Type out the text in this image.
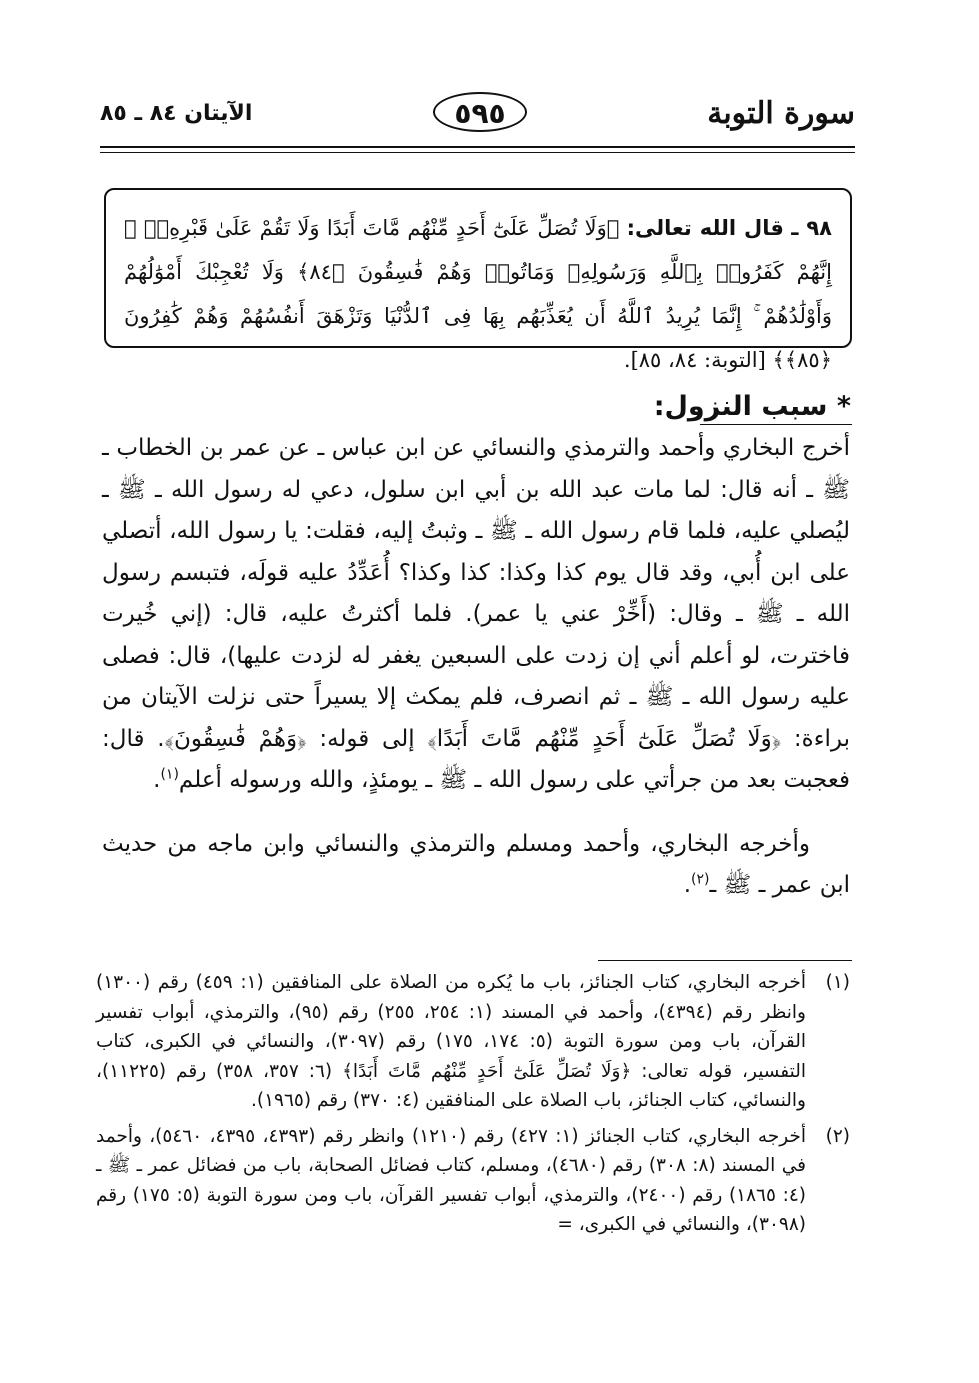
سورة التوبة
٥٩٥
الآيتان ٨٤ ـ ٨٥
٩٨ ـ قال الله تعالى: ﴿وَلَا تُصَلِّ عَلَىٰٓ أَحَدٍ مِّنْهُم مَّاتَ أَبَدًا وَلَا تَقُمْ عَلَىٰ قَبْرِهِۦٓ ۖ إِنَّهُمْ كَفَرُوا۟ بِٱللَّهِ وَرَسُولِهِۦ وَمَاتُوا۟ وَهُمْ فَٰسِقُونَ ﴿٨٤﴾ وَلَا تُعْجِبْكَ أَمْوَٰلُهُمْ وَأَوْلَٰدُهُمْ ۚ إِنَّمَا يُرِيدُ ٱللَّهُ أَن يُعَذِّبَهُم بِهَا فِى ٱلدُّنْيَا وَتَزْهَقَ أَنفُسُهُمْ وَهُمْ كَٰفِرُونَ ﴿٨٥﴾﴾ [التوبة: ٨٤، ٨٥].
* سبب النزول:

أخرج البخاري وأحمد والترمذي والنسائي عن ابن عباس ـ عن عمر بن الخطاب ـ ﷺ ـ أنه قال: لما مات عبد الله بن أبي ابن سلول، دعي له رسول الله ـ ﷺ ـ ليُصلي عليه، فلما قام رسول الله ـ ﷺ ـ وثبتُ إليه، فقلت: يا رسول الله، أتصلي على ابن أُبي، وقد قال يوم كذا وكذا: كذا وكذا؟ أُعَدِّدُ عليه قولَه، فتبسم رسول الله ـ ﷺ ـ وقال: (أَخِّرْ عني يا عمر). فلما أكثرتُ عليه، قال: (إني خُيرت فاخترت، لو أعلم أني إن زدت على السبعين يغفر له لزدت عليها)، قال: فصلى عليه رسول الله ـ ﷺ ـ ثم انصرف، فلم يمكث إلا يسيراً حتى نزلت الآيتان من براءة: ﴿وَلَا تُصَلِّ عَلَىٰٓ أَحَدٍ مِّنْهُم مَّاتَ أَبَدًا﴾ إلى قوله: ﴿وَهُمْ فَٰسِقُونَ﴾. قال: فعجبت بعد من جرأتي على رسول الله ـ ﷺ ـ يومئذٍ، والله ورسوله أعلم$^{(١)}$.

وأخرجه البخاري، وأحمد ومسلم والترمذي والنسائي وابن ماجه من حديث ابن عمر ـ ﷺ ـ$^{(٢)}$.

(١)
أخرجه البخاري، كتاب الجنائز، باب ما يُكره من الصلاة على المنافقين (١: ٤٥٩) رقم (١٣٠٠) وانظر رقم (٤٣٩٤)، وأحمد في المسند (١: ٢٥٤، ٢٥٥) رقم (٩٥)، والترمذي، أبواب تفسير القرآن، باب ومن سورة التوبة (٥: ١٧٤، ١٧٥) رقم (٣٠٩٧)، والنسائي في الكبرى، كتاب التفسير، قوله تعالى: ﴿وَلَا تُصَلِّ عَلَىٰٓ أَحَدٍ مِّنْهُم مَّاتَ أَبَدًا﴾ (٦: ٣٥٧، ٣٥٨) رقم (١١٢٢٥)، والنسائي، كتاب الجنائز، باب الصلاة على المنافقين (٤: ٣٧٠) رقم (١٩٦٥).
(٢)
أخرجه البخاري، كتاب الجنائز (١: ٤٢٧) رقم (١٢١٠) وانظر رقم (٤٣٩٣، ٤٣٩٥، ٥٤٦٠)، وأحمد في المسند (٨: ٣٠٨) رقم (٤٦٨٠)، ومسلم، كتاب فضائل الصحابة، باب من فضائل عمر ـ ﷺ ـ (٤: ١٨٦٥) رقم (٢٤٠٠)، والترمذي، أبواب تفسير القرآن، باب ومن سورة التوبة (٥: ١٧٥) رقم (٣٠٩٨)، والنسائي في الكبرى، =
